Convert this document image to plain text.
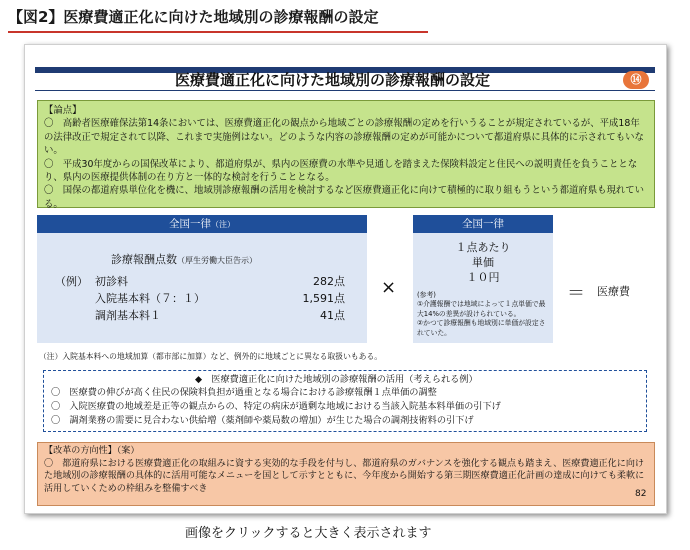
【図2】医療費適正化に向けた地域別の診療報酬の設定
医療費適正化に向けた地域別の診療報酬の設定	⑭
【論点】
〇　高齢者医療確保法第14条においては、医療費適正化の観点から地域ごとの診療報酬の定めを行いうることが規定されているが、平成18年の法律改正で規定されて以降、これまで実施例はない。どのような内容の診療報酬の定めが可能かについて都道府県に具体的に示されてもいない。
〇　平成30年度からの国保改革により、都道府県が、県内の医療費の水準や見通しを踏まえた保険料設定と住民への説明責任を負うこととなり、県内の医療提供体制の在り方と一体的な検討を行うこととなる。
〇　国保の都道府県単位化を機に、地域別診療報酬の活用を検討するなど医療費適正化に向けて積極的に取り組もうという都道府県も現れている。
全国一律（注）
診療報酬点数（厚生労働大臣告示）
（例） 初診料	282点
入院基本料（７：１）	1,591点
調剤基本料１	41点
×
全国一律
１点あたり
単価
１０円
(参考)
①介護報酬では地域によって１点単価で最大14%の差異が設けられている。
②かつて診療報酬も地域別に単価が設定されていた。
＝ 医療費
（注）入院基本料への地域加算（都市部に加算）など、例外的に地域ごとに異なる取扱いもある。
◆　医療費適正化に向けた地域別の診療報酬の活用（考えられる例）
〇　医療費の伸びが高く住民の保険料負担が過重となる場合における診療報酬１点単価の調整
〇　入院医療費の地域差是正等の観点からの、特定の病床が過剰な地域における当該入院基本料単価の引下げ
〇　調剤業務の需要に見合わない供給増（薬剤師や薬局数の増加）が生じた場合の調剤技術料の引下げ
【改革の方向性】（案）
〇　都道府県における医療費適正化の取組みに資する実効的な手段を付与し、都道府県のガバナンスを強化する観点も踏まえ、医療費適正化に向けた地域別の診療報酬の具体的に活用可能なメニューを国として示すとともに、今年度から開始する第三期医療費適正化計画の達成に向けても柔軟に活用していくための枠組みを整備すべき
82
画像をクリックすると大きく表示されます
